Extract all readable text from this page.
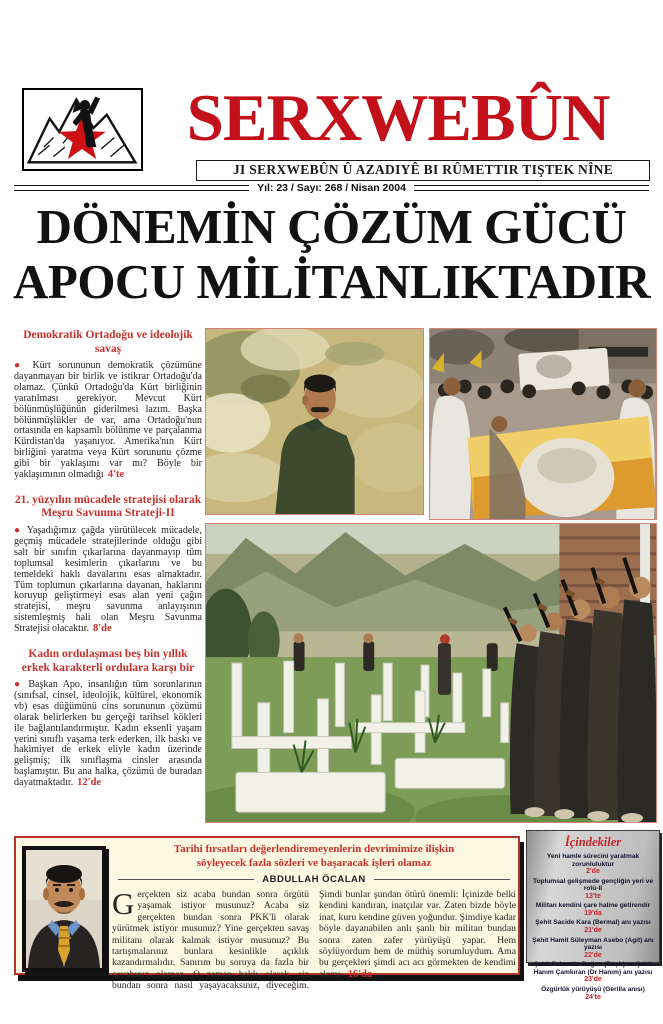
SERXWEBÛN
JI SERXWEBÛN Û AZADIYÊ BI RÛMETTIR TIŞTEK NÎNE
Yıl: 23 / Sayı: 268 / Nisan 2004
DÖNEMİN ÇÖZÜM GÜCÜ
APOCU MİLİTANLIKTADIR
Demokratik Ortadoğu ve ideolojik savaş

● Kürt sorununun demokratik çözümüne dayanmayan bir birlik ve istikrar Ortadoğu'da olamaz. Çünkü Ortadoğu'da Kürt birliğinin yaratılması gerekiyor. Mevcut Kürt bölünmüşlüğünün giderilmesi lazım. Başka bölünmüşlükler de var, ama Ortadoğu'nun ortasında en kapsamlı bölünme ve parçalanma Kürdistan'da yaşanıyor. Amerika'nın Kürt birliğini yaratma veya Kürt sorununu çözme gibi bir yaklaşımı var mı? Böyle bir yaklaşımının olmadığı 4'te

21. yüzyılın mücadele stratejisi olarak Meşru Savunma Strateji-II

● Yaşadığımız çağda yürütülecek mücadele, geçmiş mücadele stratejilerinde olduğu gibi salt bir sınıfın çıkarlarına dayanmayıp tüm toplumsal kesimlerin çıkarlarını ve bu temeldeki haklı davalarını esas almaktadır. Tüm toplumun çıkarlarına dayanan, haklarını koruyup geliştirmeyi esas alan yeni çağın stratejisi, meşru savunma anlayışının sistemleşmiş hali olan Meşru Savunma Stratejisi olacaktır. 8'de

Kadın ordulaşması beş bin yıllık erkek karakterli ordulara karşı bir

● Başkan Apo, insanlığın tüm sorunlarının (sınıfsal, cinsel, ideolojik, kültürel, ekonomik vb) esas düğümünü cins sorununun çözümü olarak belirlerken bu gerçeği tarihsel kökleri ile bağlantılandırmıştır. Kadın eksenli yaşam yerini sınıflı yaşama terk ederken, ilk baskı ve hakimiyet de erkek eliyle kadın üzerinde gelişmiş; ilk sınıflaşma cinsler arasında başlamıştır. Bu ana halka, çözümü de buradan dayatmaktadır. 12'de

Tarihi fırsatları değerlendiremeyenlerin devrimimize ilişkin
söyleyecek fazla sözleri ve başaracak işleri olamaz
ABDULLAH ÖCALAN
Gerçekten siz acaba bundan sonra örgütü yaşamak istiyor musunuz? Acaba siz gerçekten bundan sonra PKK'li olarak yürütmek istiyor musunuz? Yine gerçekten savaş militanı olarak kalmak istiyor musunuz? Bu tartışmalarınız bunlara kesinlikle açıklık kazandırmalıdır. Sanırım bu soruya da fazla bir cevabınız olamaz. O zaman haklı olarak, siz bundan sonra nasıl yaşayacaksınız, diyeceğim. Şimdi bunlar şundan ötürü önemli: İçinizde belki kendini kandıran, inatçılar var. Zaten bizde böyle inat, kuru kendine güven yoğundur. Şimdiye kadar böyle dayanabilen anlı şanlı bir militan bundan sonra zaten zafer yürüyüşü yapar. Hem söylüyordum hem de müthiş sorumluydum. Ama bu gerçekleri şimdi acı acı görmekten de kendimi alamı- 16'da
İçindekiler
Yeni hamle sürecini yaratmak zorunluluktur
2'de
Toplumsal gelişmede gençliğin yeri ve rolü-II
13'te
Militan kendini çare haline getirendir
19'da
Şehit Sacide Kara (Bermal) anı yazısı
21'de
Şehit Hamit Süleyman Asebo (Agit) anı yazısı
22'de
Şehit Fahrettin Doğan (Beşir) ve Şehit Hanım Çamkıran (Dr Hanım) anı yazısı
23'de
Özgürlük yürüyüşü (Gerilla anısı)
24'te
